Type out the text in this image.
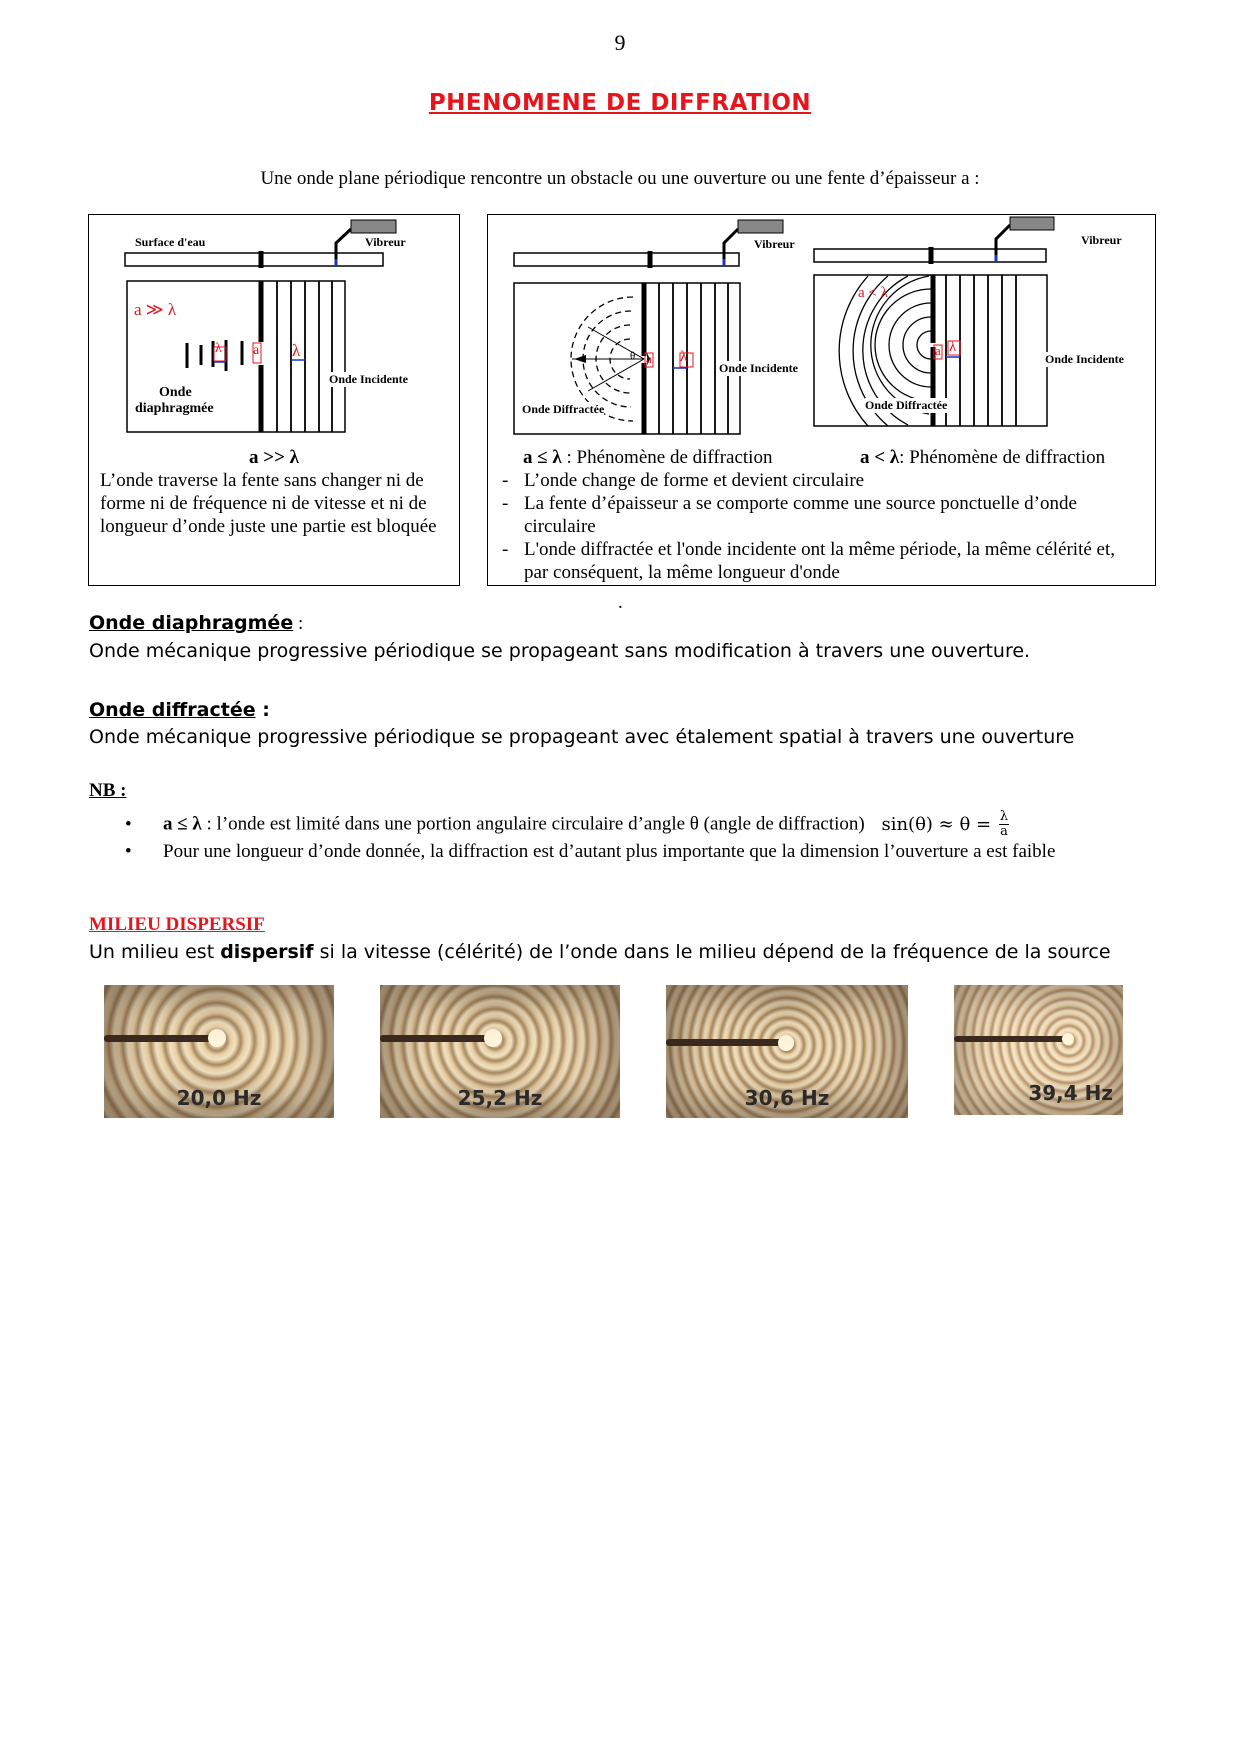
9
PHENOMENE DE DIFFRATION
Une onde plane périodique rencontre un obstacle ou une ouverture ou une fente d’épaisseur a :
Surface d'eau	Vibreur
a ≫ λ
λ a λ
Onde Incidente
Onde
diaphragmée
a >> λ
L’onde traverse la fente sans changer ni de forme ni de fréquence ni de vitesse et ni de longueur d’onde juste une partie est bloquée
Vibreur	Vibreur
θ a λ
Onde Incidente
Onde Diffractée
a < λ
a λ
Onde Incidente
Onde Diffractée
a ≤ λ : Phénomène de diffraction	a < λ: Phénomène de diffraction
- L’onde change de forme et devient circulaire
- La fente d’épaisseur a se comporte comme une source ponctuelle d’onde circulaire
- L'onde diffractée et l'onde incidente ont la même période, la même célérité et, par conséquent, la même longueur d'onde
.
Onde diaphragmée :
Onde mécanique progressive périodique se propageant sans modification à travers une ouverture.
Onde diffractée :
Onde mécanique progressive périodique se propageant avec étalement spatial à travers une ouverture
NB :
• a ≤ λ : l’onde est limité dans une portion angulaire circulaire d’angle θ (angle de diffraction) $\sin(\theta) \approx \theta = \frac{\lambda}{a}$
• Pour une longueur d’onde donnée, la diffraction est d’autant plus importante que la dimension l’ouverture a est faible
MILIEU DISPERSIF
Un milieu est dispersif si la vitesse (célérité) de l’onde dans le milieu dépend de la fréquence de la source
20,0 Hz	25,2 Hz	30,6 Hz	39,4 Hz
